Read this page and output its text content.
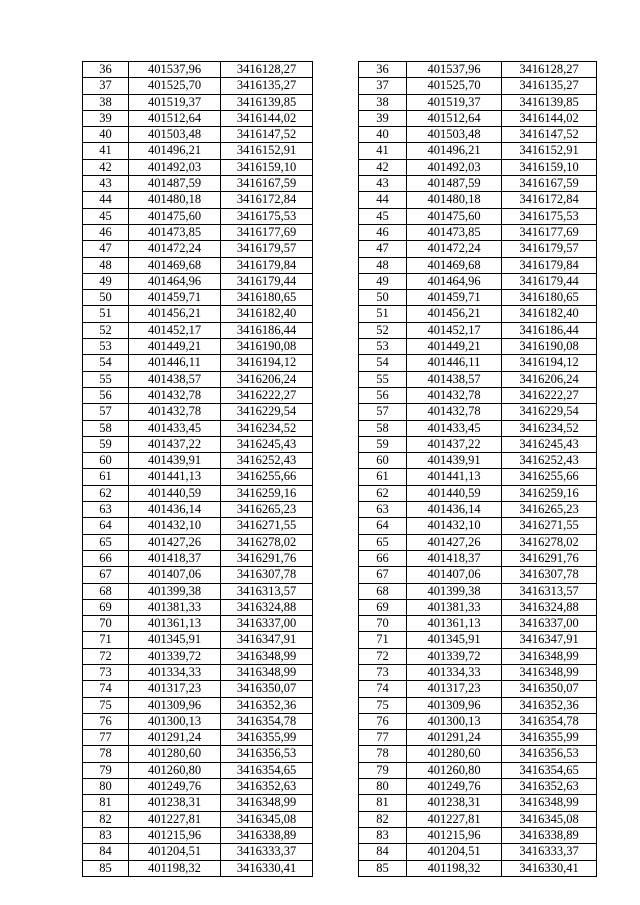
36	401537,96	3416128,27
37	401525,70	3416135,27
38	401519,37	3416139,85
39	401512,64	3416144,02
40	401503,48	3416147,52
41	401496,21	3416152,91
42	401492,03	3416159,10
43	401487,59	3416167,59
44	401480,18	3416172,84
45	401475,60	3416175,53
46	401473,85	3416177,69
47	401472,24	3416179,57
48	401469,68	3416179,84
49	401464,96	3416179,44
50	401459,71	3416180,65
51	401456,21	3416182,40
52	401452,17	3416186,44
53	401449,21	3416190,08
54	401446,11	3416194,12
55	401438,57	3416206,24
56	401432,78	3416222,27
57	401432,78	3416229,54
58	401433,45	3416234,52
59	401437,22	3416245,43
60	401439,91	3416252,43
61	401441,13	3416255,66
62	401440,59	3416259,16
63	401436,14	3416265,23
64	401432,10	3416271,55
65	401427,26	3416278,02
66	401418,37	3416291,76
67	401407,06	3416307,78
68	401399,38	3416313,57
69	401381,33	3416324,88
70	401361,13	3416337,00
71	401345,91	3416347,91
72	401339,72	3416348,99
73	401334,33	3416348,99
74	401317,23	3416350,07
75	401309,96	3416352,36
76	401300,13	3416354,78
77	401291,24	3416355,99
78	401280,60	3416356,53
79	401260,80	3416354,65
80	401249,76	3416352,63
81	401238,31	3416348,99
82	401227,81	3416345,08
83	401215,96	3416338,89
84	401204,51	3416333,37
85	401198,32	3416330,41
36	401537,96	3416128,27
37	401525,70	3416135,27
38	401519,37	3416139,85
39	401512,64	3416144,02
40	401503,48	3416147,52
41	401496,21	3416152,91
42	401492,03	3416159,10
43	401487,59	3416167,59
44	401480,18	3416172,84
45	401475,60	3416175,53
46	401473,85	3416177,69
47	401472,24	3416179,57
48	401469,68	3416179,84
49	401464,96	3416179,44
50	401459,71	3416180,65
51	401456,21	3416182,40
52	401452,17	3416186,44
53	401449,21	3416190,08
54	401446,11	3416194,12
55	401438,57	3416206,24
56	401432,78	3416222,27
57	401432,78	3416229,54
58	401433,45	3416234,52
59	401437,22	3416245,43
60	401439,91	3416252,43
61	401441,13	3416255,66
62	401440,59	3416259,16
63	401436,14	3416265,23
64	401432,10	3416271,55
65	401427,26	3416278,02
66	401418,37	3416291,76
67	401407,06	3416307,78
68	401399,38	3416313,57
69	401381,33	3416324,88
70	401361,13	3416337,00
71	401345,91	3416347,91
72	401339,72	3416348,99
73	401334,33	3416348,99
74	401317,23	3416350,07
75	401309,96	3416352,36
76	401300,13	3416354,78
77	401291,24	3416355,99
78	401280,60	3416356,53
79	401260,80	3416354,65
80	401249,76	3416352,63
81	401238,31	3416348,99
82	401227,81	3416345,08
83	401215,96	3416338,89
84	401204,51	3416333,37
85	401198,32	3416330,41
